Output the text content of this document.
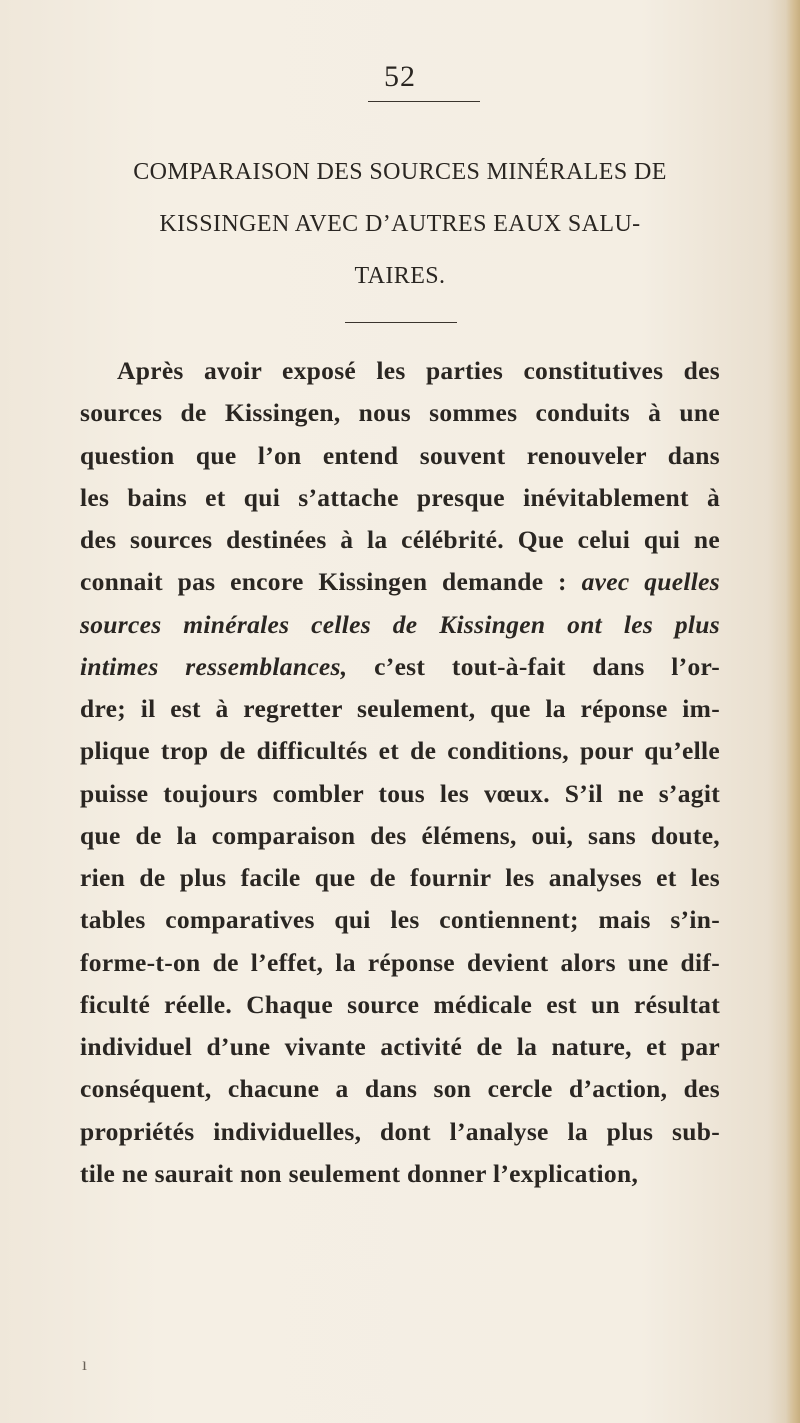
52
COMPARAISON DES SOURCES MINÉRALES DE
KISSINGEN AVEC D’AUTRES EAUX SALU-
TAIRES.
Après avoir exposé les parties constitutives des
sources de Kissingen, nous sommes conduits à une
question que l’on entend souvent renouveler dans
les bains et qui s’attache presque inévitablement à
des sources destinées à la célébrité. Que celui qui ne
connait pas encore Kissingen demande : avec quelles
sources minérales celles de Kissingen ont les plus
intimes ressemblances, c’est tout-à-fait dans l’or-
dre; il est à regretter seulement, que la réponse im-
plique trop de difficultés et de conditions, pour qu’elle
puisse toujours combler tous les vœux. S’il ne s’agit
que de la comparaison des élémens, oui, sans doute,
rien de plus facile que de fournir les analyses et les
tables comparatives qui les contiennent; mais s’in-
forme-t-on de l’effet, la réponse devient alors une dif-
ficulté réelle. Chaque source médicale est un résultat
individuel d’une vivante activité de la nature, et par
conséquent, chacune a dans son cercle d’action, des
propriétés individuelles, dont l’analyse la plus sub-
tile ne saurait non seulement donner l’explication,
ı
